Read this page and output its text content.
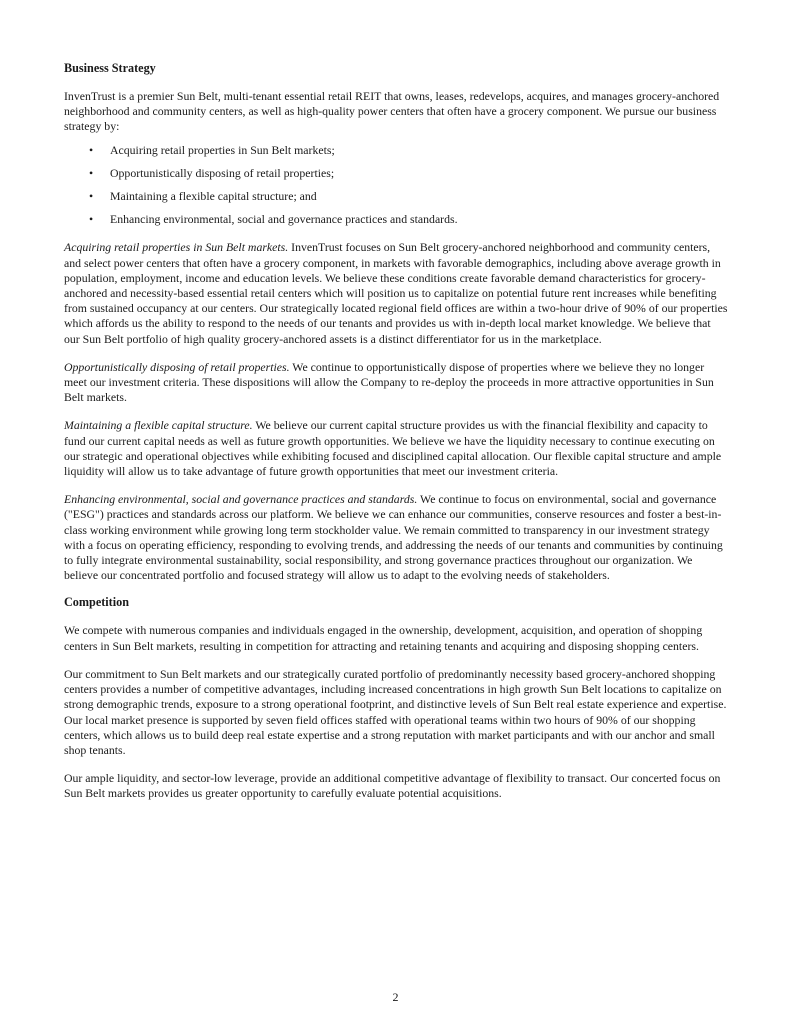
Business Strategy

InvenTrust is a premier Sun Belt, multi-tenant essential retail REIT that owns, leases, redevelops, acquires, and manages grocery-anchored neighborhood and community centers, as well as high-quality power centers that often have a grocery component. We pursue our business strategy by:

• Acquiring retail properties in Sun Belt markets;
• Opportunistically disposing of retail properties;
• Maintaining a flexible capital structure; and
• Enhancing environmental, social and governance practices and standards.

Acquiring retail properties in Sun Belt markets. InvenTrust focuses on Sun Belt grocery-anchored neighborhood and community centers, and select power centers that often have a grocery component, in markets with favorable demographics, including above average growth in population, employment, income and education levels. We believe these conditions create favorable demand characteristics for grocery-anchored and necessity-based essential retail centers which will position us to capitalize on potential future rent increases while benefiting from sustained occupancy at our centers. Our strategically located regional field offices are within a two-hour drive of 90% of our properties which affords us the ability to respond to the needs of our tenants and provides us with in-depth local market knowledge. We believe that our Sun Belt portfolio of high quality grocery-anchored assets is a distinct differentiator for us in the marketplace.

Opportunistically disposing of retail properties. We continue to opportunistically dispose of properties where we believe they no longer meet our investment criteria. These dispositions will allow the Company to re-deploy the proceeds in more attractive opportunities in Sun Belt markets.

Maintaining a flexible capital structure. We believe our current capital structure provides us with the financial flexibility and capacity to fund our current capital needs as well as future growth opportunities. We believe we have the liquidity necessary to continue executing on our strategic and operational objectives while exhibiting focused and disciplined capital allocation. Our flexible capital structure and ample liquidity will allow us to take advantage of future growth opportunities that meet our investment criteria.

Enhancing environmental, social and governance practices and standards. We continue to focus on environmental, social and governance ("ESG") practices and standards across our platform. We believe we can enhance our communities, conserve resources and foster a best-in-class working environment while growing long term stockholder value. We remain committed to transparency in our investment strategy with a focus on operating efficiency, responding to evolving trends, and addressing the needs of our tenants and communities by continuing to fully integrate environmental sustainability, social responsibility, and strong governance practices throughout our organization. We believe our concentrated portfolio and focused strategy will allow us to adapt to the evolving needs of stakeholders.

Competition

We compete with numerous companies and individuals engaged in the ownership, development, acquisition, and operation of shopping centers in Sun Belt markets, resulting in competition for attracting and retaining tenants and acquiring and disposing shopping centers.

Our commitment to Sun Belt markets and our strategically curated portfolio of predominantly necessity based grocery-anchored shopping centers provides a number of competitive advantages, including increased concentrations in high growth Sun Belt locations to capitalize on strong demographic trends, exposure to a strong operational footprint, and distinctive levels of Sun Belt real estate experience and expertise. Our local market presence is supported by seven field offices staffed with operational teams within two hours of 90% of our shopping centers, which allows us to build deep real estate expertise and a strong reputation with market participants and with our anchor and small shop tenants.

Our ample liquidity, and sector-low leverage, provide an additional competitive advantage of flexibility to transact. Our concerted focus on Sun Belt markets provides us greater opportunity to carefully evaluate potential acquisitions.

2
